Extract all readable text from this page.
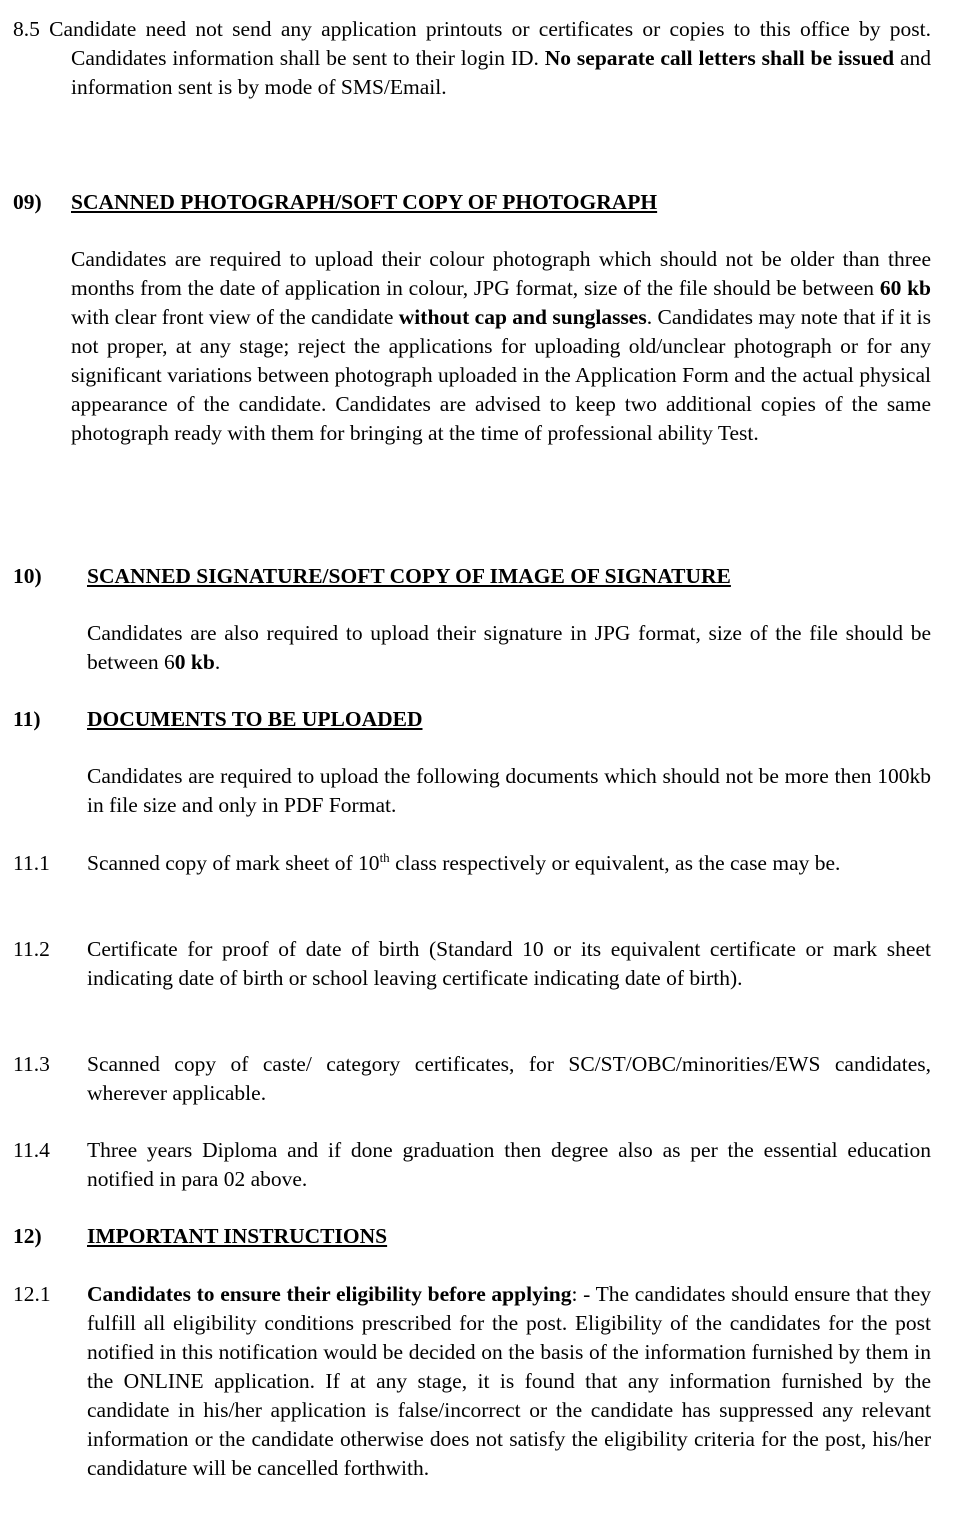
8.5 Candidate need not send any application printouts or certificates or copies to this office by post. Candidates information shall be sent to their login ID. No separate call letters shall be issued and information sent is by mode of SMS/Email.
09) SCANNED PHOTOGRAPH/SOFT COPY OF PHOTOGRAPH
Candidates are required to upload their colour photograph which should not be older than three months from the date of application in colour, JPG format, size of the file should be between 60 kb with clear front view of the candidate without cap and sunglasses. Candidates may note that if it is not proper, at any stage; reject the applications for uploading old/unclear photograph or for any significant variations between photograph uploaded in the Application Form and the actual physical appearance of the candidate. Candidates are advised to keep two additional copies of the same photograph ready with them for bringing at the time of professional ability Test.
10) SCANNED SIGNATURE/SOFT COPY OF IMAGE OF SIGNATURE
Candidates are also required to upload their signature in JPG format, size of the file should be between 60 kb.
11) DOCUMENTS TO BE UPLOADED
Candidates are required to upload the following documents which should not be more then 100kb in file size and only in PDF Format.
11.1 Scanned copy of mark sheet of 10th class respectively or equivalent, as the case may be.
11.2 Certificate for proof of date of birth (Standard 10 or its equivalent certificate or mark sheet indicating date of birth or school leaving certificate indicating date of birth).
11.3 Scanned copy of caste/ category certificates, for SC/ST/OBC/minorities/EWS candidates, wherever applicable.
11.4 Three years Diploma and if done graduation then degree also as per the essential education notified in para 02 above.
12) IMPORTANT INSTRUCTIONS
12.1 Candidates to ensure their eligibility before applying: - The candidates should ensure that they fulfill all eligibility conditions prescribed for the post. Eligibility of the candidates for the post notified in this notification would be decided on the basis of the information furnished by them in the ONLINE application. If at any stage, it is found that any information furnished by the candidate in his/her application is false/incorrect or the candidate has suppressed any relevant information or the candidate otherwise does not satisfy the eligibility criteria for the post, his/her candidature will be cancelled forthwith.
